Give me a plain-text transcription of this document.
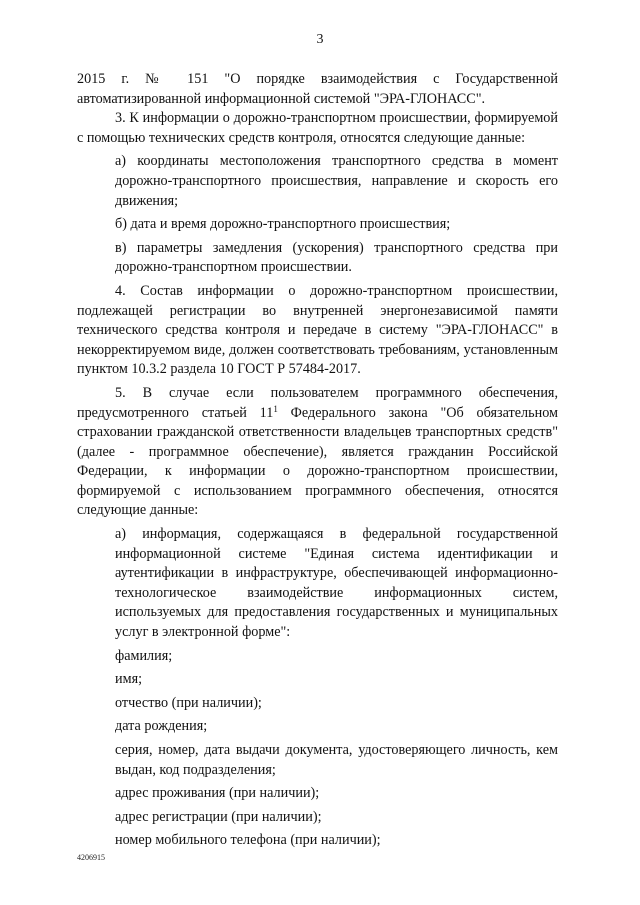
3

2015 г. № 151 "О порядке взаимодействия с Государственной автоматизированной информационной системой "ЭРА-ГЛОНАСС".

3. К информации о дорожно-транспортном происшествии, формируемой с помощью технических средств контроля, относятся следующие данные:

а) координаты местоположения транспортного средства в момент дорожно-транспортного происшествия, направление и скорость его движения;

б) дата и время дорожно-транспортного происшествия;

в) параметры замедления (ускорения) транспортного средства при дорожно-транспортном происшествии.

4. Состав информации о дорожно-транспортном происшествии, подлежащей регистрации во внутренней энергонезависимой памяти технического средства контроля и передаче в систему "ЭРА-ГЛОНАСС" в некорректируемом виде, должен соответствовать требованиям, установленным пунктом 10.3.2 раздела 10 ГОСТ Р 57484-2017.

5. В случае если пользователем программного обеспечения, предусмотренного статьей $11^1$ Федерального закона "Об обязательном страховании гражданской ответственности владельцев транспортных средств" (далее - программное обеспечение), является гражданин Российской Федерации, к информации о дорожно-транспортном происшествии, формируемой с использованием программного обеспечения, относятся следующие данные:

а) информация, содержащаяся в федеральной государственной информационной системе "Единая система идентификации и аутентификации в инфраструктуре, обеспечивающей информационно-технологическое взаимодействие информационных систем, используемых для предоставления государственных и муниципальных услуг в электронной форме":

фамилия;

имя;

отчество (при наличии);

дата рождения;

серия, номер, дата выдачи документа, удостоверяющего личность, кем выдан, код подразделения;

адрес проживания (при наличии);

адрес регистрации (при наличии);

номер мобильного телефона (при наличии);

4206915
